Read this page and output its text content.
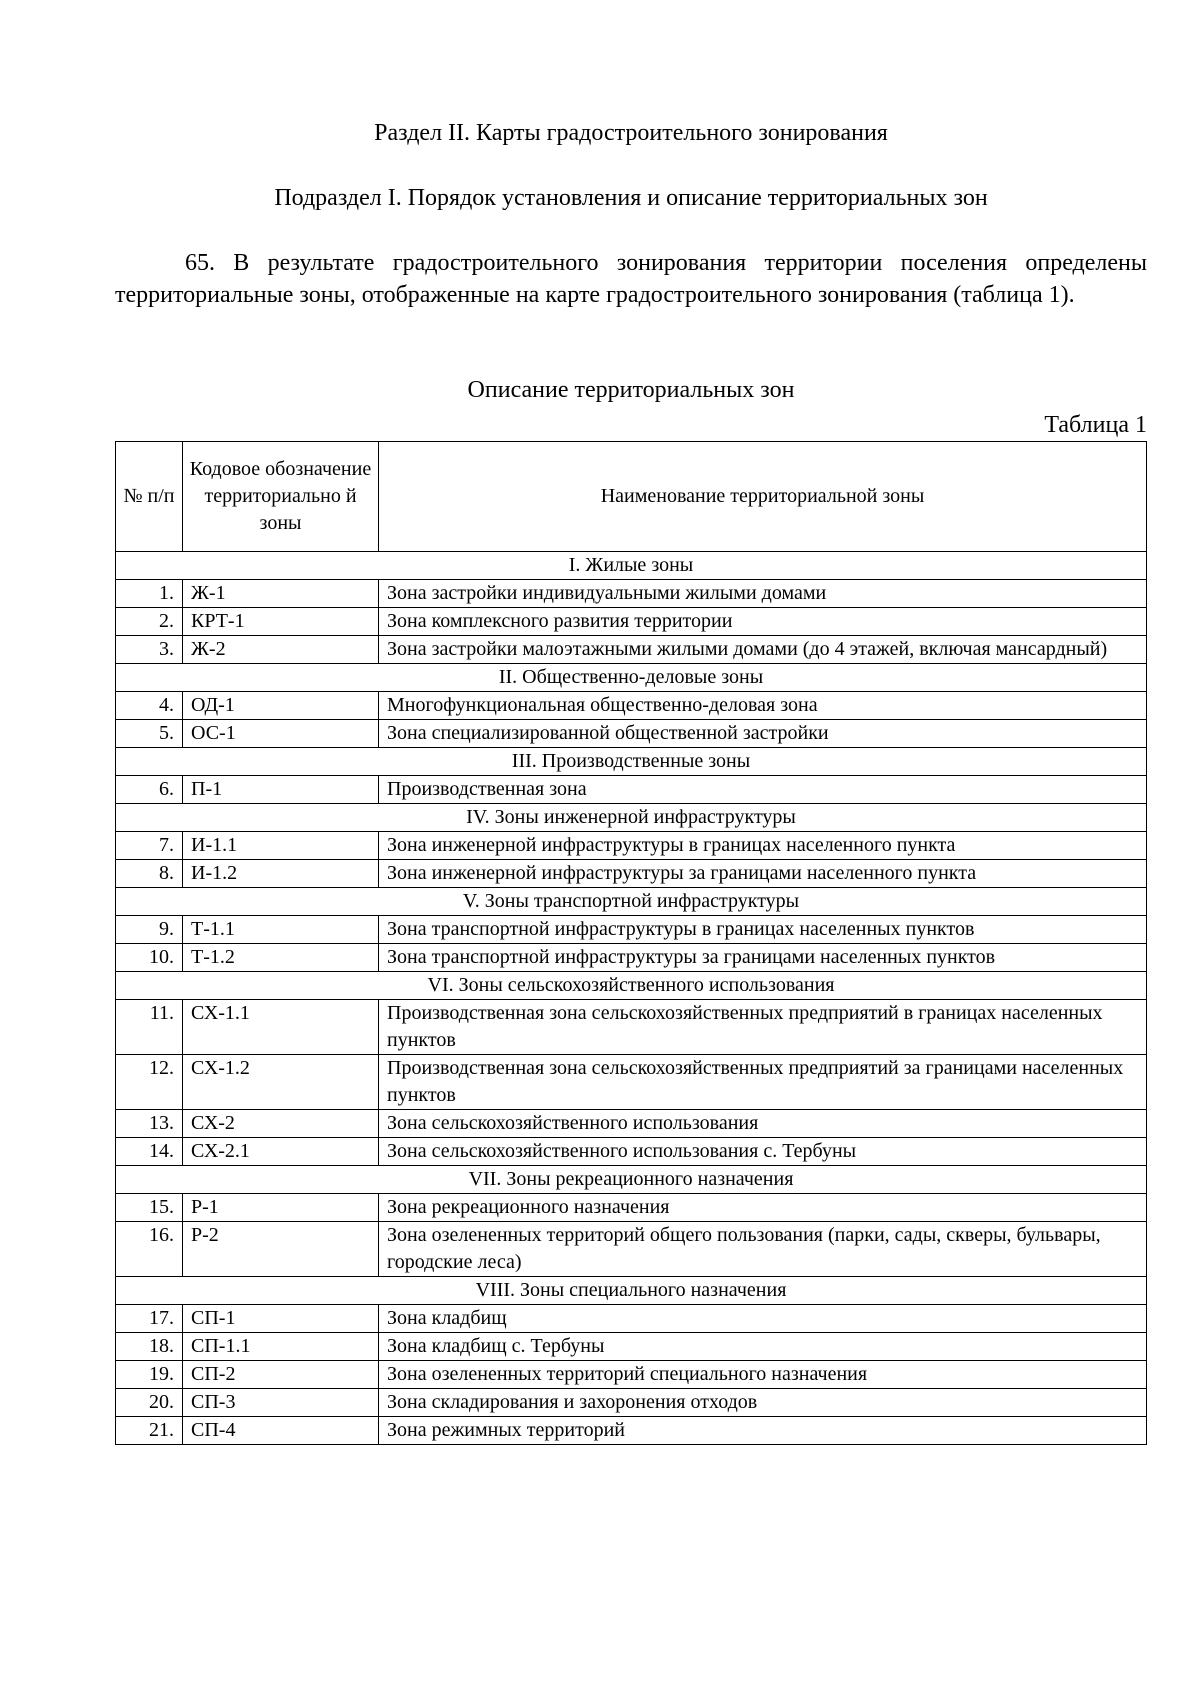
Раздел II. Карты градостроительного зонирования

Подраздел I. Порядок установления и описание территориальных зон

65. В результате градостроительного зонирования территории поселения определены территориальные зоны, отображенные на карте градостроительного зонирования (таблица 1).

Описание территориальных зон

Таблица 1

№ п/п	Кодовое обозначение территориально й зоны	Наименование территориальной зоны
I. Жилые зоны		
1.	Ж-1	Зона застройки индивидуальными жилыми домами
2.	КРТ-1	Зона комплексного развития территории
3.	Ж-2	Зона застройки малоэтажными жилыми домами (до 4 этажей, включая мансардный)
II. Общественно-деловые зоны		
4.	ОД-1	Многофункциональная общественно-деловая зона
5.	ОС-1	Зона специализированной общественной застройки
III. Производственные зоны		
6.	П-1	Производственная зона
IV. Зоны инженерной инфраструктуры		
7.	И-1.1	Зона инженерной инфраструктуры в границах населенного пункта
8.	И-1.2	Зона инженерной инфраструктуры за границами населенного пункта
V. Зоны транспортной инфраструктуры		
9.	Т-1.1	Зона транспортной инфраструктуры в границах населенных пунктов
10.	Т-1.2	Зона транспортной инфраструктуры за границами населенных пунктов
VI. Зоны сельскохозяйственного использования		
11.	СХ-1.1	Производственная зона сельскохозяйственных предприятий в границах населенных пунктов
12.	СХ-1.2	Производственная зона сельскохозяйственных предприятий за границами населенных пунктов
13.	СХ-2	Зона сельскохозяйственного использования
14.	СХ-2.1	Зона сельскохозяйственного использования с. Тербуны
VII. Зоны рекреационного назначения		
15.	Р-1	Зона рекреационного назначения
16.	Р-2	Зона озелененных территорий общего пользования (парки, сады, скверы, бульвары, городские леса)
VIII. Зоны специального назначения		
17.	СП-1	Зона кладбищ
18.	СП-1.1	Зона кладбищ с. Тербуны
19.	СП-2	Зона озелененных территорий специального назначения
20.	СП-3	Зона складирования и захоронения отходов
21.	СП-4	Зона режимных территорий
